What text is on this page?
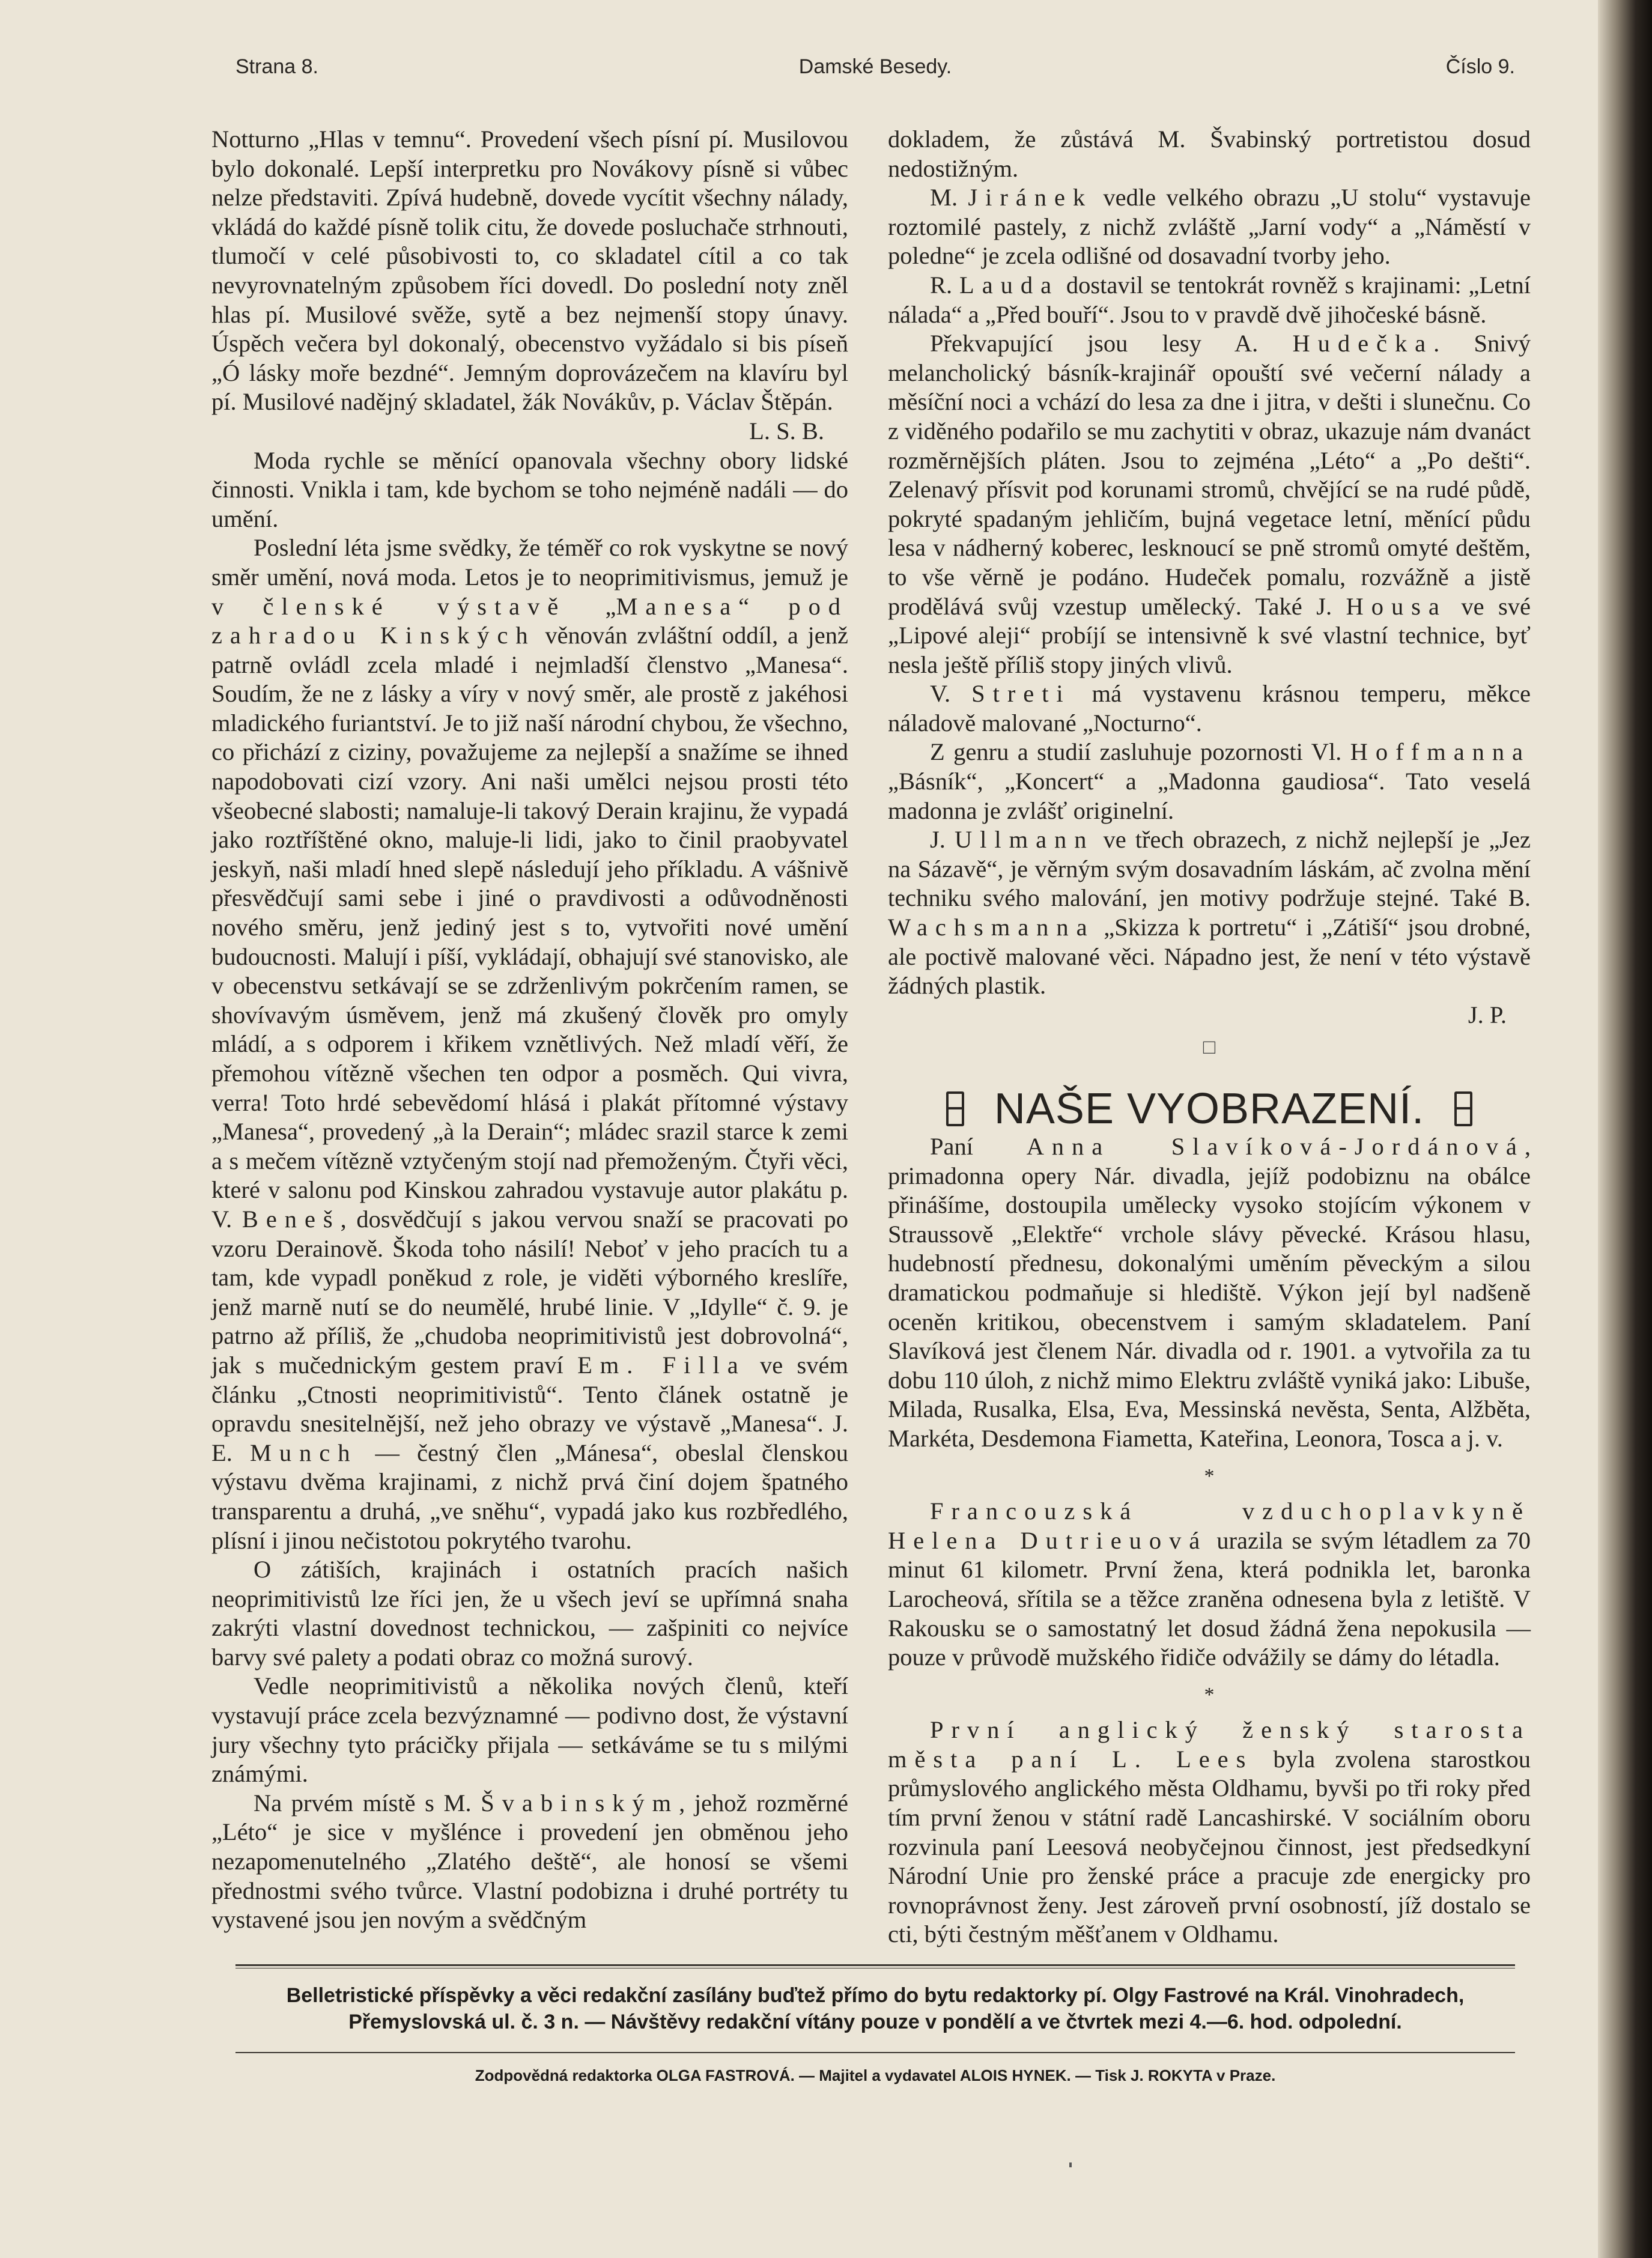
Damské Besedy.
Strana 8.	Číslo 9.

Notturno „Hlas v temnu“. Provedení všech písní pí. Musilovou bylo dokonalé. Lepší interpretku pro Novákovy písně si vůbec nelze představiti. Zpívá hudebně, dovede vycítit všechny nálady, vkládá do každé písně tolik citu, že dovede posluchače strhnouti, tlumočí v celé působivosti to, co skladatel cítil a co tak nevyrovnatelným způsobem říci dovedl. Do poslední noty zněl hlas pí. Musilové svěže, sytě a bez nejmenší stopy únavy. Úspěch večera byl dokonalý, obecenstvo vyžádalo si bis píseň „Ó lásky moře bezdné“. Jemným doprovázečem na klavíru byl pí. Musilové nadějný skladatel, žák Novákův, p. Václav Štěpán.

L. S. B.

Moda rychle se měnící opanovala všechny obory lidské činnosti. Vnikla i tam, kde bychom se toho nejméně nadáli — do umění.

Poslední léta jsme svědky, že téměř co rok vyskytne se nový směr umění, nová moda. Letos je to neoprimitivismus, jemuž je v členské výstavě „Manesa“ pod zahradou Kinských věnován zvláštní oddíl, a jenž patrně ovládl zcela mladé i nejmladší členstvo „Manesa“. Soudím, že ne z lásky a víry v nový směr, ale prostě z jakéhosi mladického furiantství. Je to již naší národní chybou, že všechno, co přichází z ciziny, považujeme za nejlepší a snažíme se ihned napodobovati cizí vzory. Ani naši umělci nejsou prosti této všeobecné slabosti; namaluje-li takový Derain krajinu, že vypadá jako roztříštěné okno, maluje-li lidi, jako to činil praobyvatel jeskyň, naši mladí hned slepě následují jeho příkladu. A vášnivě přesvědčují sami sebe i jiné o pravdivosti a odůvodněnosti nového směru, jenž jediný jest s to, vytvořiti nové umění budoucnosti. Malují i píší, vykládají, obhajují své stanovisko, ale v obecenstvu setkávají se se zdrženlivým pokrčením ramen, se shovívavým úsměvem, jenž má zkušený člověk pro omyly mládí, a s odporem i křikem vznětlivých. Než mladí věří, že přemohou vítězně všechen ten odpor a posměch. Qui vivra, verra! Toto hrdé sebevědomí hlásá i plakát přítomné výstavy „Manesa“, provedený „à la Derain“; mládec srazil starce k zemi a s mečem vítězně vztyčeným stojí nad přemoženým. Čtyři věci, které v salonu pod Kinskou zahradou vystavuje autor plakátu p. V. Beneš, dosvědčují s jakou vervou snaží se pracovati po vzoru Derainově. Škoda toho násilí! Neboť v jeho pracích tu a tam, kde vypadl poněkud z role, je viděti výborného kreslíře, jenž marně nutí se do neumělé, hrubé linie. V „Idylle“ č. 9. je patrno až příliš, že „chudoba neoprimitivistů jest dobrovolná“, jak s mučednickým gestem praví Em. Filla ve svém článku „Ctnosti neoprimitivistů“. Tento článek ostatně je opravdu snesitelnější, než jeho obrazy ve výstavě „Manesa“. J. E. Munch — čestný člen „Mánesa“, obeslal členskou výstavu dvěma krajinami, z nichž prvá činí dojem špatného transparentu a druhá, „ve sněhu“, vypadá jako kus rozbředlého, plísní i jinou nečistotou pokrytého tvarohu.

O zátiších, krajinách i ostatních pracích našich neoprimitivistů lze říci jen, že u všech jeví se upřímná snaha zakrýti vlastní dovednost technickou, — zašpiniti co nejvíce barvy své palety a podati obraz co možná surový.

Vedle neoprimitivistů a několika nových členů, kteří vystavují práce zcela bezvýznamné — podivno dost, že výstavní jury všechny tyto prácičky přijala — setkáváme se tu s milými známými.

Na prvém místě s M. Švabinským, jehož rozměrné „Léto“ je sice v myšlénce i provedení jen obměnou jeho nezapomenutelného „Zlatého deště“, ale honosí se všemi přednostmi svého tvůrce. Vlastní podobizna i druhé portréty tu vystavené jsou jen novým a svědčným

dokladem, že zůstává M. Švabinský portretistou dosud nedostižným.

M. Jiránek vedle velkého obrazu „U stolu“ vystavuje roztomilé pastely, z nichž zvláště „Jarní vody“ a „Náměstí v poledne“ je zcela odlišné od dosavadní tvorby jeho.

R. Lauda dostavil se tentokrát rovněž s krajinami: „Letní nálada“ a „Před bouří“. Jsou to v pravdě dvě jihočeské básně.

Překvapující jsou lesy A. Hudečka. Snivý melancholický básník-krajinář opouští své večerní nálady a měsíční noci a vchází do lesa za dne i jitra, v dešti i slunečnu. Co z viděného podařilo se mu zachytiti v obraz, ukazuje nám dvanáct rozměrnějších pláten. Jsou to zejména „Léto“ a „Po dešti“. Zelenavý přísvit pod korunami stromů, chvějící se na rudé půdě, pokryté spadaným jehličím, bujná vegetace letní, měnící půdu lesa v nádherný koberec, lesknoucí se pně stromů omyté deštěm, to vše věrně je podáno. Hudeček pomalu, rozvážně a jistě prodělává svůj vzestup umělecký. Také J. Housa ve své „Lipové aleji“ probíjí se intensivně k své vlastní technice, byť nesla ještě příliš stopy jiných vlivů.

V. Streti má vystavenu krásnou temperu, měkce náladově malované „Nocturno“.

Z genru a studií zasluhuje pozornosti Vl. Hoffmanna „Básník“, „Koncert“ a „Madonna gaudiosa“. Tato veselá madonna je zvlášť originelní.

J. Ullmann ve třech obrazech, z nichž nejlepší je „Jez na Sázavě“, je věrným svým dosavadním láskám, ač zvolna mění techniku svého malování, jen motivy podržuje stejné. Také B. Wachsmanna „Skizza k portretu“ i „Zátiší“ jsou drobné, ale poctivě malované věci. Nápadno jest, že není v této výstavě žádných plastik.

J. P.

□
NAŠE VYOBRAZENÍ.

Paní Anna Slavíková-Jordánová, primadonna opery Nár. divadla, jejíž podobiznu na obálce přinášíme, dostoupila umělecky vysoko stojícím výkonem v Straussově „Elektře“ vrchole slávy pěvecké. Krásou hlasu, hudebností přednesu, dokonalými uměním pěveckým a silou dramatickou podmaňuje si hlediště. Výkon její byl nadšeně oceněn kritikou, obecenstvem i samým skladatelem. Paní Slavíková jest členem Nár. divadla od r. 1901. a vytvořila za tu dobu 110 úloh, z nichž mimo Elektru zvláště vyniká jako: Libuše, Milada, Rusalka, Elsa, Eva, Messinská nevěsta, Senta, Alžběta, Markéta, Desdemona Fiametta, Kateřina, Leonora, Tosca a j. v.

*

Francouzská vzduchoplavkyně Helena Dutrieuová urazila se svým létadlem za 70 minut 61 kilometr. První žena, která podnikla let, baronka Larocheová, sřítila se a těžce zraněna odnesena byla z letiště. V Rakousku se o samostatný let dosud žádná žena nepokusila — pouze v průvodě mužského řidiče odvážily se dámy do létadla.

*

První anglický ženský starosta města paní L. Lees byla zvolena starostkou průmyslového anglického města Oldhamu, byvši po tři roky před tím první ženou v státní radě Lancashirské. V sociálním oboru rozvinula paní Leesová neobyčejnou činnost, jest předsedkyní Národní Unie pro ženské práce a pracuje zde energicky pro rovnoprávnost ženy. Jest zároveň první osobností, jíž dostalo se cti, býti čestným měšťanem v Oldhamu.

Belletristické příspěvky a věci redakční zasílány buďtež přímo do bytu redaktorky pí. Olgy Fastrové na Král. Vinohradech,
Přemyslovská ul. č. 3 n. — Návštěvy redakční vítány pouze v pondělí a ve čtvrtek mezi 4.—6. hod. odpolední.
Zodpovědná redaktorka OLGA FASTROVÁ. — Majitel a vydavatel ALOIS HYNEK. — Tisk J. ROKYTA v Praze.
